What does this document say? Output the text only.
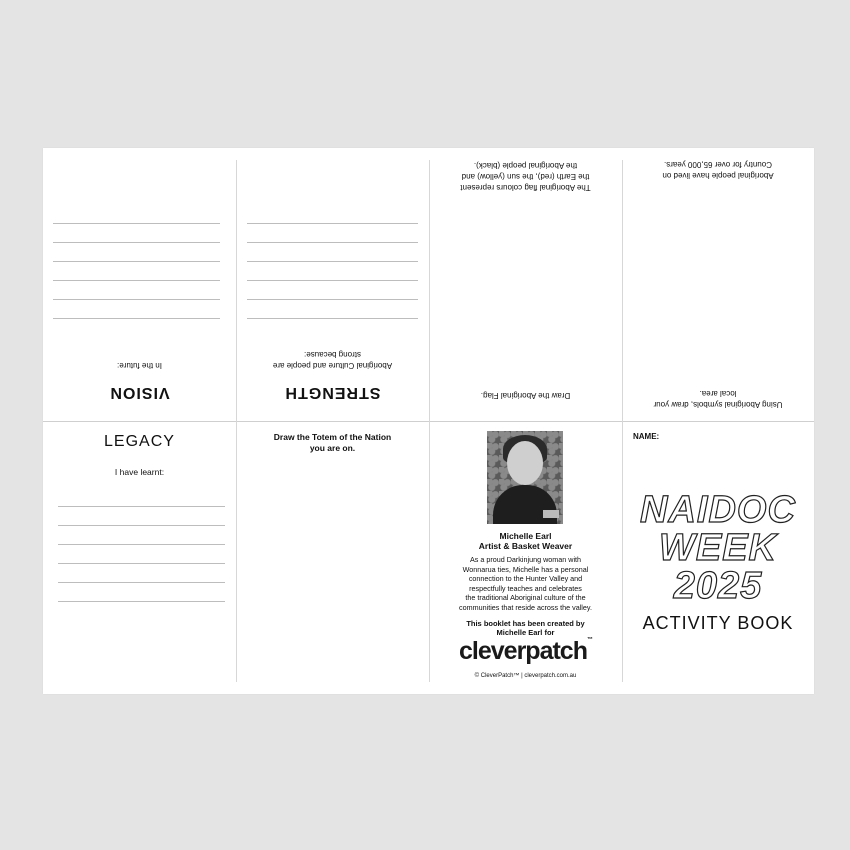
VISION
In the future:
STRENGTH
Aboriginal Culture and people are
strong because:
Draw the Aboriginal Flag.
The Aboriginal flag colours represent
the Earth (red), the sun (yellow) and
the Aboriginal people (black).
Using Aboriginal symbols, draw your
local area.
Aboriginal people have lived on
Country for over 65,000 years.
LEGACY
I have learnt:
Draw the Totem of the Nation
you are on.
Michelle Earl
Artist & Basket Weaver
As a proud Darkinjung woman with
Wonnarua ties, Michelle has a personal
connection to the Hunter Valley and
respectfully teaches and celebrates
the traditional Aboriginal culture of the
communities that reside across the valley.
This booklet has been created by
Michelle Earl for
cleverpatch™
© CleverPatch™ | cleverpatch.com.au
NAME:
NAIDOC
WEEK
2025
ACTIVITY BOOK
